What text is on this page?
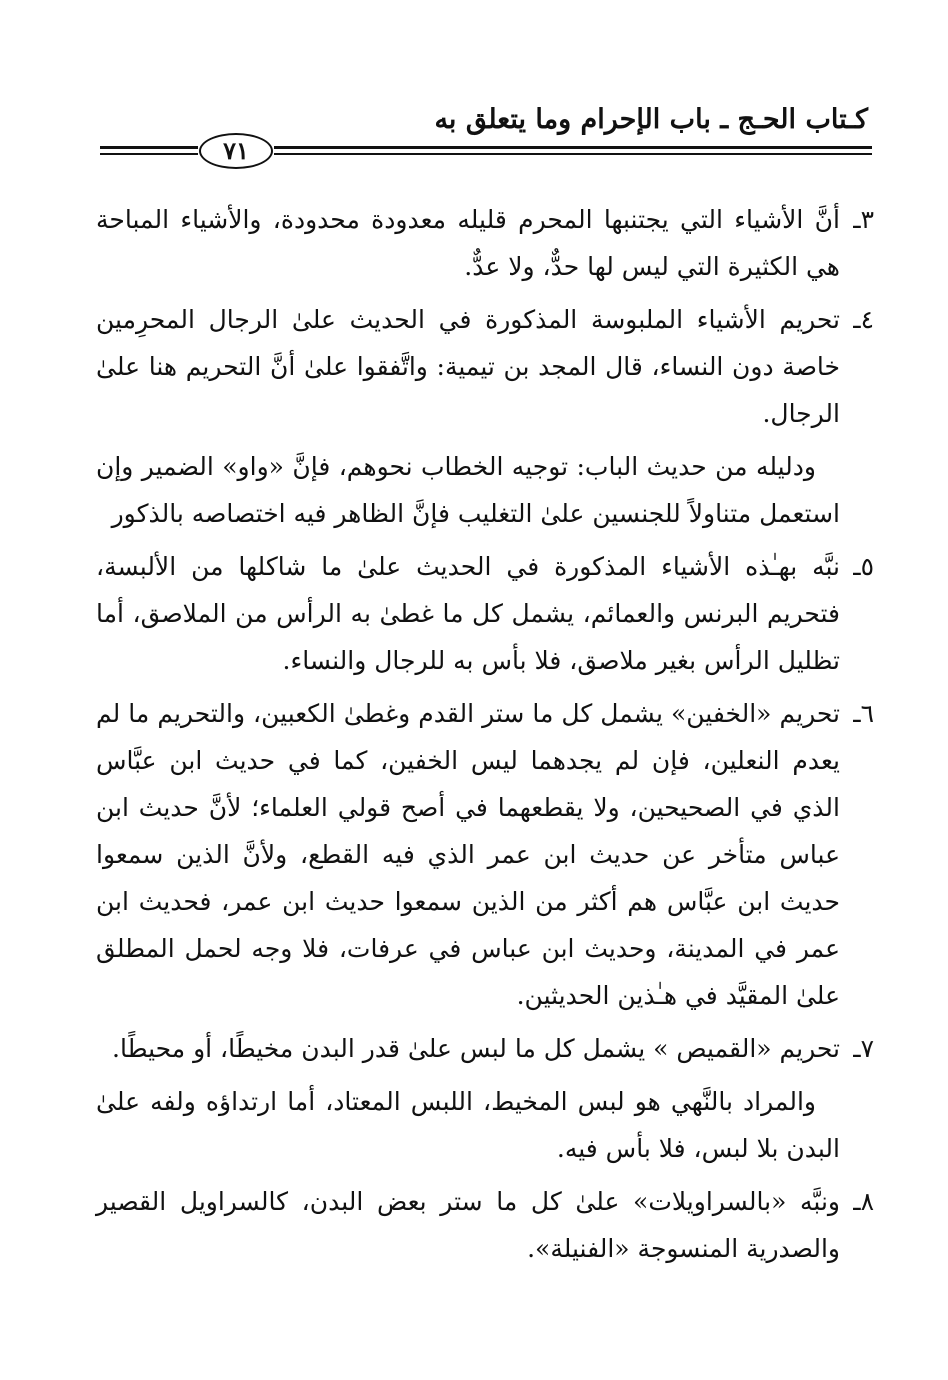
كـتاب الحـج ـ باب الإحرام وما يتعلق به
٧١
٣ـ
أنَّ الأشياء التي يجتنبها المحرم قليله معدودة محدودة، والأشياء المباحة هي الكثيرة التي ليس لها حدٌّ، ولا عدٌّ.
٤ـ
تحريم الأشياء الملبوسة المذكورة في الحديث علىٰ الرجال المحرِمين خاصة دون النساء، قال المجد بن تيمية: واتَّفقوا علىٰ أنَّ التحريم هنا علىٰ الرجال.
ودليله من حديث الباب: توجيه الخطاب نحوهم، فإنَّ «واو» الضمير وإن استعمل متناولاً للجنسين علىٰ التغليب فإنَّ الظاهر فيه اختصاصه بالذكور
٥ـ
نبَّه بهـٰذه الأشياء المذكورة في الحديث علىٰ ما شاكلها من الألبسة، فتحريم البرنس والعمائم، يشمل كل ما غطىٰ به الرأس من الملاصق، أما تظليل الرأس بغير ملاصق، فلا بأس به للرجال والنساء.
٦ـ
تحريم «الخفين» يشمل كل ما ستر القدم وغطىٰ الكعبين، والتحريم ما لم يعدم النعلين، فإن لم يجدهما ليس الخفين، كما في حديث ابن عبَّاس الذي في الصحيحين، ولا يقطعهما في أصح قولي العلماء؛ لأنَّ حديث ابن عباس متأخر عن حديث ابن عمر الذي فيه القطع، ولأنَّ الذين سمعوا حديث ابن عبَّاس هم أكثر من الذين سمعوا حديث ابن عمر، فحديث ابن عمر في المدينة، وحديث ابن عباس في عرفات، فلا وجه لحمل المطلق علىٰ المقيَّد في هـٰذين الحديثين.
٧ـ
تحريم «القميص » يشمل كل ما لبس علىٰ قدر البدن مخيطًا، أو محيطًا.
والمراد بالنَّهي هو لبس المخيط، اللبس المعتاد، أما ارتداؤه ولفه علىٰ البدن بلا لبس، فلا بأس فيه.
٨ـ
ونبَّه «بالسراويلات» علىٰ كل ما ستر بعض البدن، كالسراويل القصير والصدرية المنسوجة «الفنيلة».
